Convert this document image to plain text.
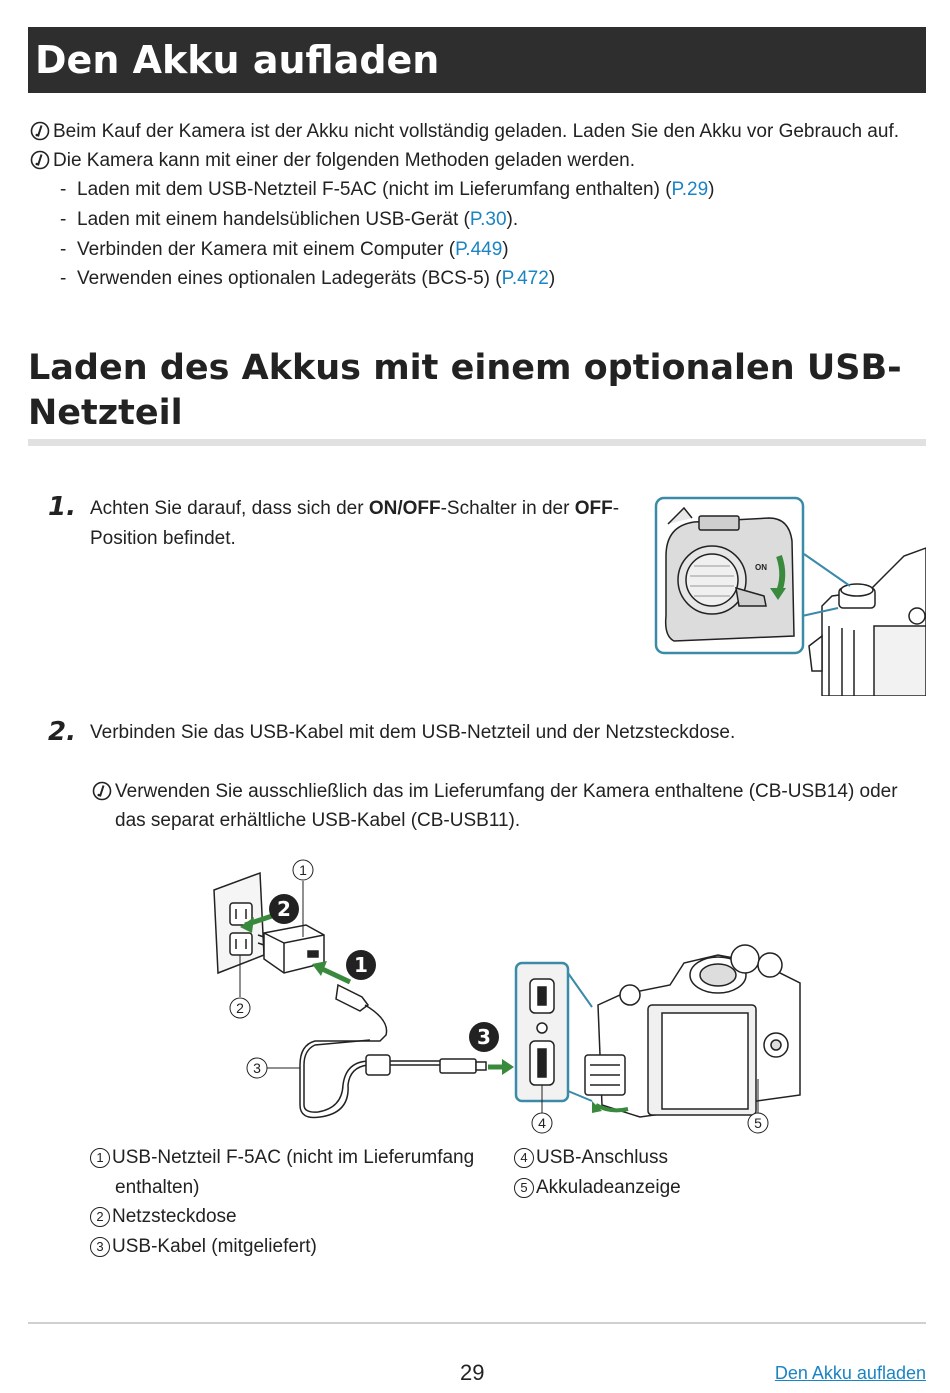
Den Akku aufladen
Beim Kauf der Kamera ist der Akku nicht vollständig geladen. Laden Sie den Akku vor Gebrauch auf.
Die Kamera kann mit einer der folgenden Methoden geladen werden.
- Laden mit dem USB-Netzteil F-5AC (nicht im Lieferumfang enthalten) (P.29)
- Laden mit einem handelsüblichen USB-Gerät (P.30).
- Verbinden der Kamera mit einem Computer (P.449)
- Verwenden eines optionalen Ladegeräts (BCS-5) (P.472)
Laden des Akkus mit einem optionalen USB-
Netzteil
1. Achten Sie darauf, dass sich der ON/OFF-Schalter in der OFF-
Position befindet.
ON
2. Verbinden Sie das USB-Kabel mit dem USB-Netzteil und der Netzsteckdose.
Verwenden Sie ausschließlich das im Lieferumfang der Kamera enthaltene (CB-USB14) oder
das separat erhältliche USB-Kabel (CB-USB11).
2
1
3
1
2
3
4	5
1 USB-Netzteil F-5AC (nicht im Lieferumfang
enthalten)
2 Netzsteckdose
3 USB-Kabel (mitgeliefert)
4 USB-Anschluss
5 Akkuladeanzeige
29	Den Akku aufladen
